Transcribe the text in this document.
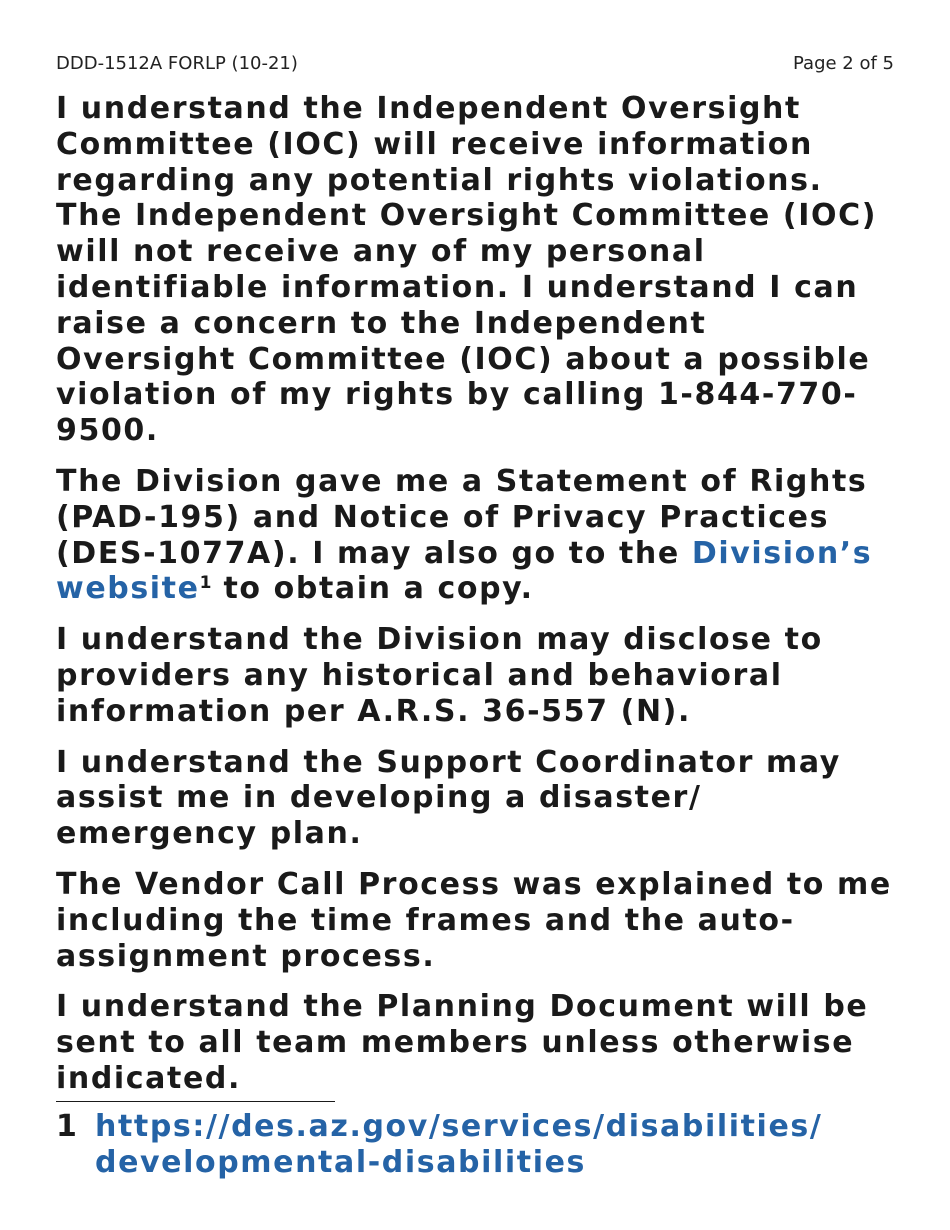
DDD-1512A FORLP (10-21)	Page 2 of 5

I understand the Independent Oversight Committee (IOC) will receive information regarding any potential rights violations. The Independent Oversight Committee (IOC) will not receive any of my personal identifiable information. I understand I can raise a concern to the Independent Oversight Committee (IOC) about a possible violation of my rights by calling 1-844-770-9500.

The Division gave me a Statement of Rights (PAD-195) and Notice of Privacy Practices (DES-1077A). I may also go to the Division’s website$^1$ to obtain a copy.

I understand the Division may disclose to providers any historical and behavioral information per A.R.S. 36-557 (N).

I understand the Support Coordinator may assist me in developing a disaster/ emergency plan.

The Vendor Call Process was explained to me including the time frames and the auto-assignment process.

I understand the Planning Document will be sent to all team members unless otherwise indicated.

1 https://des.az.gov/services/disabilities/
developmental-disabilities
